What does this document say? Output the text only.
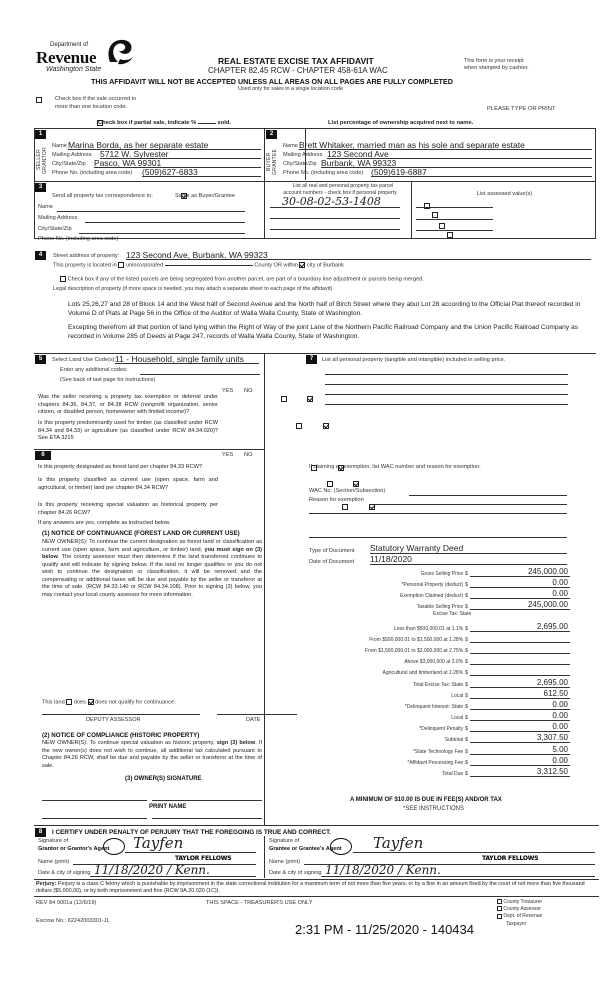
Department of
Revenue
Washington State
REAL ESTATE EXCISE TAX AFFIDAVIT
CHAPTER 82.45 RCW - CHAPTER 458-61A WAC
This form is your receipt
when stamped by cashier.
THIS AFFIDAVIT WILL NOT BE ACCEPTED UNLESS ALL AREAS ON ALL PAGES ARE FULLY COMPLETED
Used only for sales in a single location code

Check box if the sale occurred in
more than one location code.	PLEASE TYPE OR PRINT

Check box if partial sale, indicate %	sold.	List percentage of ownership acquired next to name.
1
SELLER GRANTOR
Name Marina Borda, as her separate estate
Mailing Address 5712 W. Sylvester
City/State/Zip Pasco, WA 99301
Phone No. (including area code) (509)627-6833
2
BUYER GRANTEE
Name Brett Whitaker, married man as his sole and separate estate
Mailing Address 123 Second Ave
City/State/Zip Burbank, WA 99323
Phone No. (including area code) (509)619-6887
3
Send all property tax correspondence to:
	Same as Buyer/Grantee
Name
Mailing Address
City/State/Zip
Phone No. (including area code)
List all real and personal property tax parcel
account numbers - check box if personal property	List assessed value(s)
30-08-02-53-1408

4	Street address of property: 123 Second Ave, Burbank, WA 99323
This property is located in unincorporated	County OR within city of Burbank
Check box if any of the listed parcels are being segregated from another parcel, are part of a boundary line adjustment or parcels being merged.
Legal description of property (if more space is needed, you may attach a separate sheet to each page of the affidavit)
Lots 25,26,27 and 28 of Block 14 and the West half of Second Avenue and the North half of Birch Street where they abut Lot 28 according to the Official Plat thereof recorded in Volume D of Plats at Page 56 in the Office of the Auditor of Walla Walla County, State of Washington.
Excepting therefrom all that portion of land lying within the Right of Way of the joint Lane of the Northern Pacific Railroad Company and the Union Pacific Railroad Company as recorded in Volume 285 of Deeds at Page 247, records of Walla Walla County, State of Washington.
5	Select Land Use Code(s):
11 - Household, single family units
Enter any additional codes:
(See back of last page for instructions)
YES NO
Was the seller receiving a property tax exemption or deferral under chapters 84.36, 84.37, or 84.38 RCW (nonprofit organization, senior citizen, or disabled person, homeowner with limited income)?

Is this property predominantly used for timber (as classified under RCW 84.34 and 84.33) or agriculture (as classified under RCW 84.34.020)? See ETA 3215

7	List all personal property (tangible and intangible) included in selling price.
6	YES NO
Is this property designated as forest land per chapter 84.33 RCW?

Is this property classified as current use (open space, farm and agricultural, or timber) land per chapter 84.34 RCW?

Is this property receiving special valuation as historical property per chapter 84.26 RCW?

If any answers are yes, complete as instructed below.
(1) NOTICE OF CONTINUANCE (FOREST LAND OR CURRENT USE)
NEW OWNER(S): To continue the current designation as forest land or classification as current use (open space, farm and agriculture, or timber) land, you must sign on (3) below. The county assessor must then determine if the land transferred continues to qualify and will indicate by signing below. If the land no longer qualifies or you do not wish to continue the designation or classification, it will be removed and the compensating or additional taxes will be due and payable by the seller or transferor at the time of sale. (RCW 84.33.140 or RCW 84.34.108). Prior to signing (3) below, you may contact your local county assessor for more information.
This land does does not qualify for continuance.
DEPUTY ASSESSOR	DATE
(2) NOTICE OF COMPLIANCE (HISTORIC PROPERTY)
NEW OWNER(S): To continue special valuation as historic property, sign (3) below. If the new owner(s) does not wish to continue, all additional tax calculated pursuant to Chapter 84.26 RCW, shall be due and payable by the seller or transferor at the time of sale.
(3) OWNER(S) SIGNATURE
PRINT NAME
If claiming an exemption, list WAC number and reason for exemption:
WAC No. (Section/Subsection)
Reason for exemption
Type of Document Statutory Warranty Deed
Date of Document 11/18/2020
Gross Selling Price $	245,000.00
*Personal Property (deduct) $	0.00
Exemption Claimed (deduct) $	0.00
Taxable Selling Price $	245,000.00
Excise Tax: State
Less than $500,000.01 at 1.1% $	2,695.00
From $500,000.01 to $1,500,000 at 1.28% $
From $1,500,000.01 to $3,000,000 at 2.75% $
Above $3,000,000 at 3.0% $
Agricultural and timberland at 1.28% $
Total Excise Tax: State $	2,695.00
Local $	612.50
*Delinquent Interest: State $	0.00
Local $	0.00
*Delinquent Penalty $	0.00
Subtotal $	3,307.50
*State Technology Fee $	5.00
*Affidavit Processing Fee $	0.00
Total Due $	3,312.50
A MINIMUM OF $10.00 IS DUE IN FEE(S) AND/OR TAX
*SEE INSTRUCTIONS
8	I CERTIFY UNDER PENALTY OF PERJURY THAT THE FOREGOING IS TRUE AND CORRECT.
Signature of
Grantor or Grantor's Agent	Tayfen
Name (print)	TAYLOR FELLOWS
Date & city of signing 11/18/2020 / Kenn.
Signature of
Grantee or Grantee's Agent	Tayfen
Name (print)	TAYLOR FELLOWS
Date & city of signing 11/18/2020 / Kenn.
Perjury: Perjury is a class C felony which is punishable by imprisonment in the state correctional institution for a maximum term of not more than five years, or by a fine in an amount fixed by the court of not more than five thousand dollars ($5,000.00), or by both imprisonment and fine (RCW 9A.20.020 (1C)).
REV 84 0001a (12/6/19)	THIS SPACE - TREASURER'S USE ONLY
Escrow No.: 62242003301-JL
County Treasurer
County Assessor
Dept. of Revenue
Taxpayer
2:31 PM - 11/25/2020 - 140434
